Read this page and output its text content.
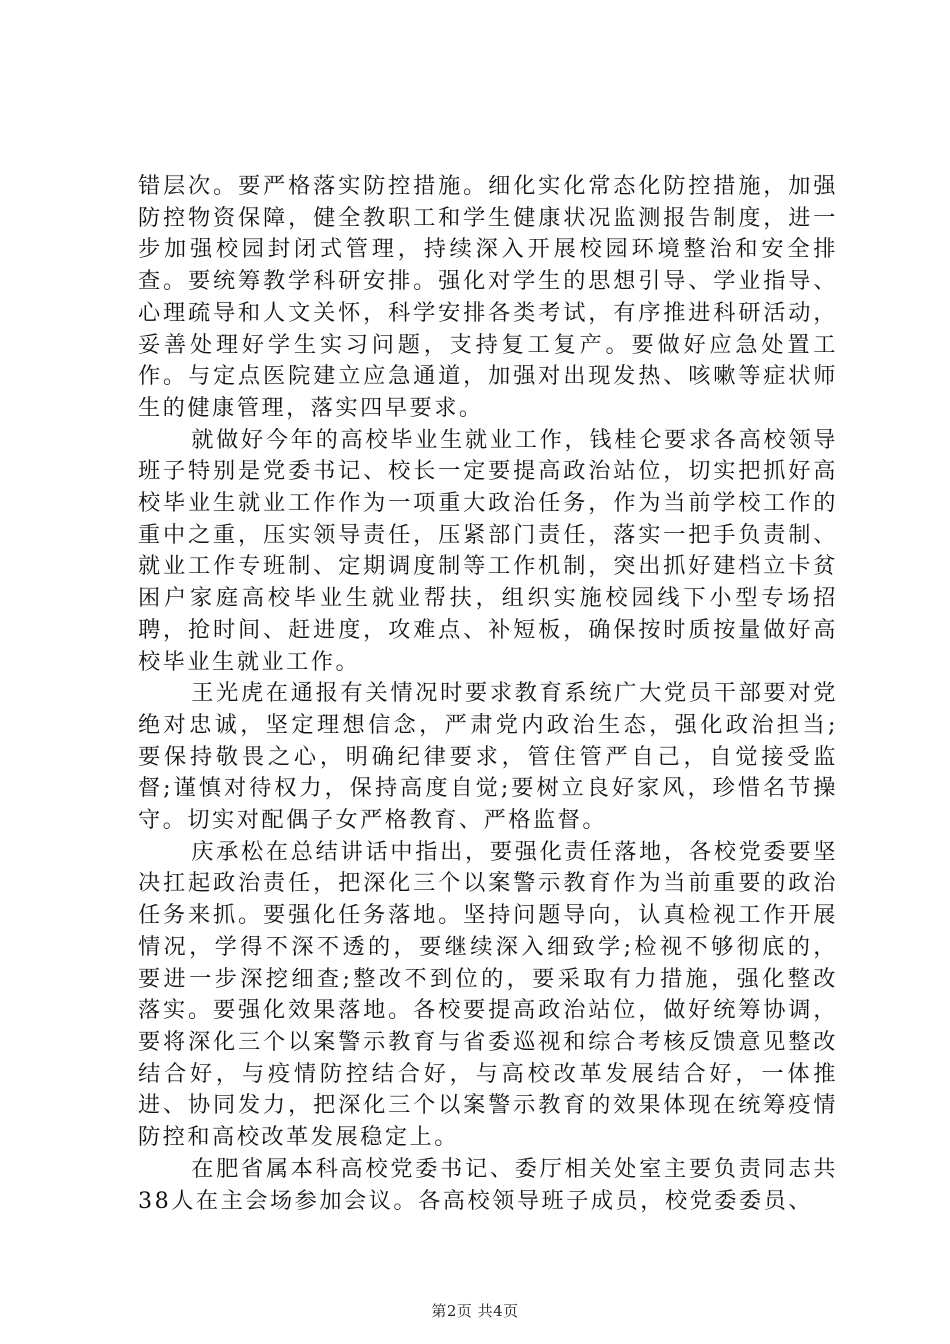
错层次。要严格落实防控措施。细化实化常态化防控措施，加强防控物资保障，健全教职工和学生健康状况监测报告制度，进一步加强校园封闭式管理，持续深入开展校园环境整治和安全排查。要统筹教学科研安排。强化对学生的思想引导、学业指导、心理疏导和人文关怀，科学安排各类考试，有序推进科研活动，妥善处理好学生实习问题，支持复工复产。要做好应急处置工作。与定点医院建立应急通道，加强对出现发热、咳嗽等症状师生的健康管理，落实四早要求。

就做好今年的高校毕业生就业工作，钱桂仑要求各高校领导班子特别是党委书记、校长一定要提高政治站位，切实把抓好高校毕业生就业工作作为一项重大政治任务，作为当前学校工作的重中之重，压实领导责任，压紧部门责任，落实一把手负责制、就业工作专班制、定期调度制等工作机制，突出抓好建档立卡贫困户家庭高校毕业生就业帮扶，组织实施校园线下小型专场招聘，抢时间、赶进度，攻难点、补短板，确保按时质按量做好高校毕业生就业工作。

王光虎在通报有关情况时要求教育系统广大党员干部要对党绝对忠诚，坚定理想信念，严肃党内政治生态，强化政治担当;要保持敬畏之心，明确纪律要求，管住管严自己，自觉接受监督;谨慎对待权力，保持高度自觉;要树立良好家风，珍惜名节操守。切实对配偶子女严格教育、严格监督。

庆承松在总结讲话中指出，要强化责任落地，各校党委要坚决扛起政治责任，把深化三个以案警示教育作为当前重要的政治任务来抓。要强化任务落地。坚持问题导向，认真检视工作开展情况，学得不深不透的，要继续深入细致学;检视不够彻底的，要进一步深挖细查;整改不到位的，要采取有力措施，强化整改落实。要强化效果落地。各校要提高政治站位，做好统筹协调，要将深化三个以案警示教育与省委巡视和综合考核反馈意见整改结合好，与疫情防控结合好，与高校改革发展结合好，一体推进、协同发力，把深化三个以案警示教育的效果体现在统筹疫情防控和高校改革发展稳定上。

在肥省属本科高校党委书记、委厅相关处室主要负责同志共38人在主会场参加会议。各高校领导班子成员，校党委委员、

第2页 共4页
